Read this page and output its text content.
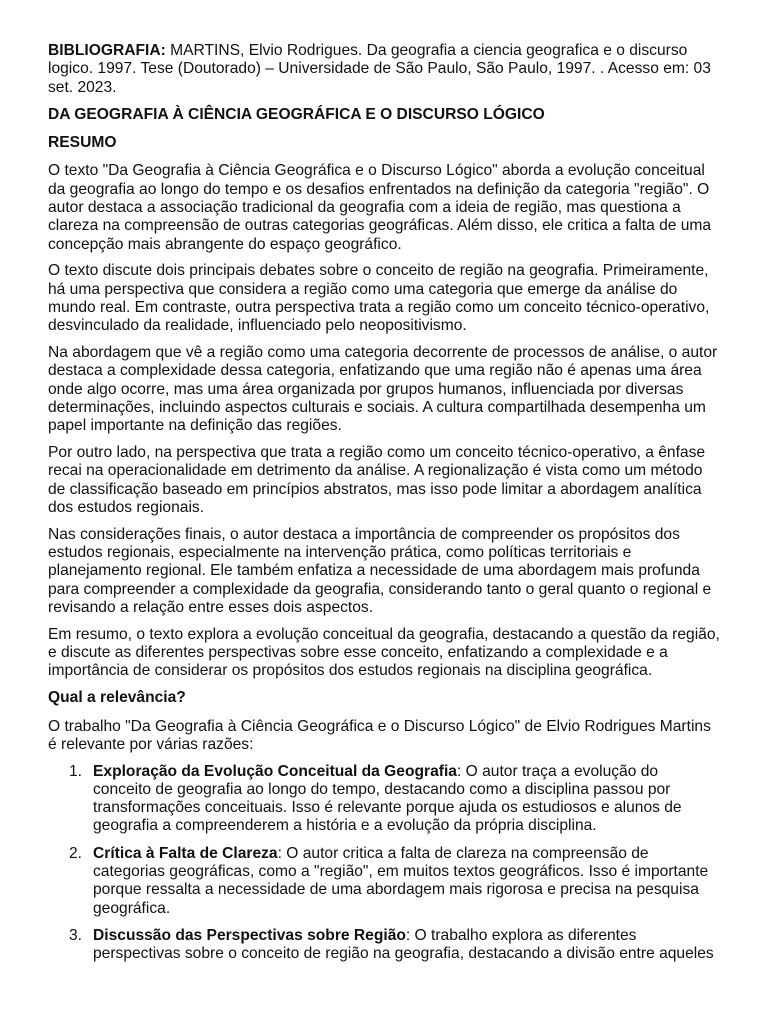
BIBLIOGRAFIA: MARTINS, Elvio Rodrigues. Da geografia a ciencia geografica e o discurso logico. 1997. Tese (Doutorado) – Universidade de São Paulo, São Paulo, 1997. . Acesso em: 03 set. 2023.

DA GEOGRAFIA À CIÊNCIA GEOGRÁFICA E O DISCURSO LÓGICO

RESUMO

O texto "Da Geografia à Ciência Geográfica e o Discurso Lógico" aborda a evolução conceitual da geografia ao longo do tempo e os desafios enfrentados na definição da categoria "região". O autor destaca a associação tradicional da geografia com a ideia de região, mas questiona a clareza na compreensão de outras categorias geográficas. Além disso, ele critica a falta de uma concepção mais abrangente do espaço geográfico.

O texto discute dois principais debates sobre o conceito de região na geografia. Primeiramente, há uma perspectiva que considera a região como uma categoria que emerge da análise do mundo real. Em contraste, outra perspectiva trata a região como um conceito técnico-operativo, desvinculado da realidade, influenciado pelo neopositivismo.

Na abordagem que vê a região como uma categoria decorrente de processos de análise, o autor destaca a complexidade dessa categoria, enfatizando que uma região não é apenas uma área onde algo ocorre, mas uma área organizada por grupos humanos, influenciada por diversas determinações, incluindo aspectos culturais e sociais. A cultura compartilhada desempenha um papel importante na definição das regiões.

Por outro lado, na perspectiva que trata a região como um conceito técnico-operativo, a ênfase recai na operacionalidade em detrimento da análise. A regionalização é vista como um método de classificação baseado em princípios abstratos, mas isso pode limitar a abordagem analítica dos estudos regionais.

Nas considerações finais, o autor destaca a importância de compreender os propósitos dos estudos regionais, especialmente na intervenção prática, como políticas territoriais e planejamento regional. Ele também enfatiza a necessidade de uma abordagem mais profunda para compreender a complexidade da geografia, considerando tanto o geral quanto o regional e revisando a relação entre esses dois aspectos.

Em resumo, o texto explora a evolução conceitual da geografia, destacando a questão da região, e discute as diferentes perspectivas sobre esse conceito, enfatizando a complexidade e a importância de considerar os propósitos dos estudos regionais na disciplina geográfica.

Qual a relevância?

O trabalho "Da Geografia à Ciência Geográfica e o Discurso Lógico" de Elvio Rodrigues Martins é relevante por várias razões:

1. Exploração da Evolução Conceitual da Geografia: O autor traça a evolução do conceito de geografia ao longo do tempo, destacando como a disciplina passou por transformações conceituais. Isso é relevante porque ajuda os estudiosos e alunos de geografia a compreenderem a história e a evolução da própria disciplina.
2. Crítica à Falta de Clareza: O autor critica a falta de clareza na compreensão de categorias geográficas, como a "região", em muitos textos geográficos. Isso é importante porque ressalta a necessidade de uma abordagem mais rigorosa e precisa na pesquisa geográfica.
3. Discussão das Perspectivas sobre Região: O trabalho explora as diferentes perspectivas sobre o conceito de região na geografia, destacando a divisão entre aqueles
